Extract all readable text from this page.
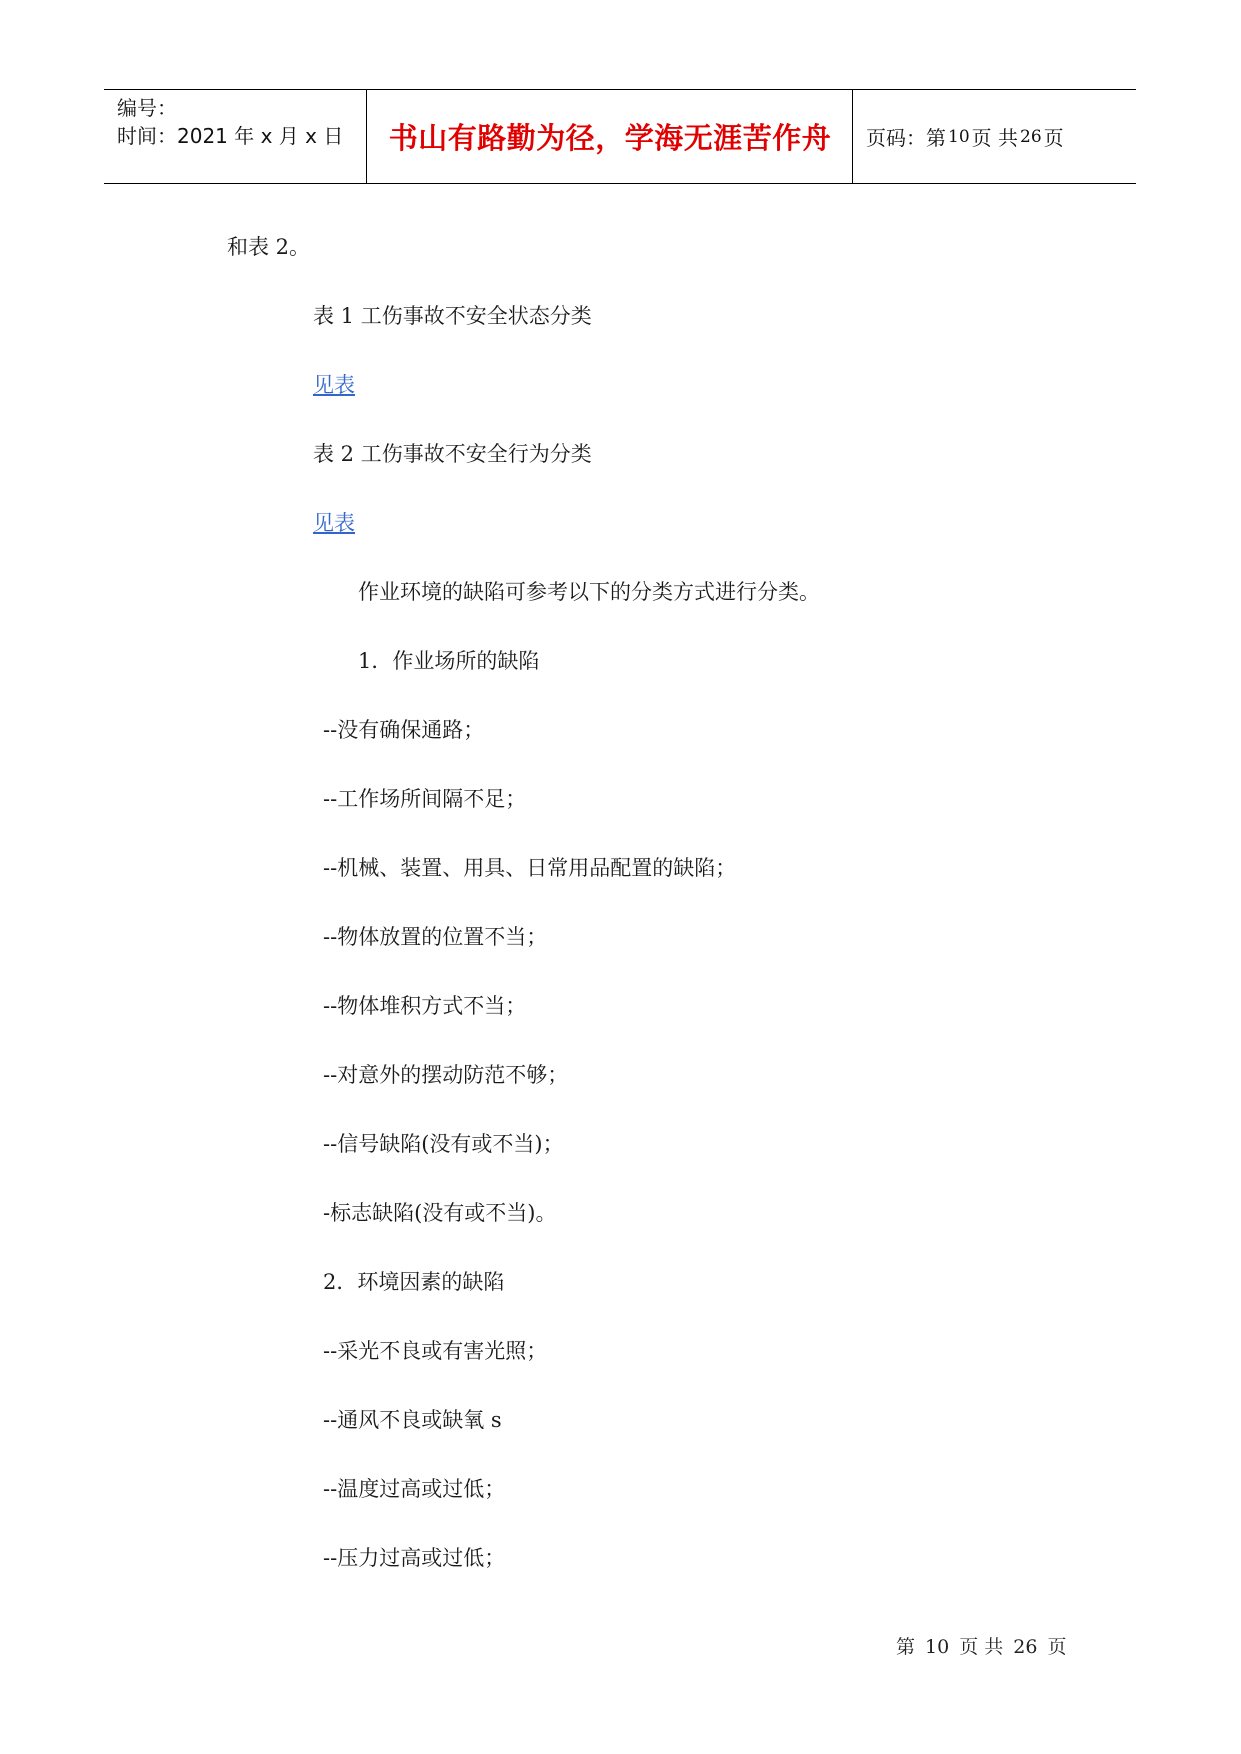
编号：
时间：2021 年 x 月 x 日	书山有路勤为径，学海无涯苦作舟	页码：第 10 页 共 26 页
和表 2。
表 1 工伤事故不安全状态分类
见表
表 2 工伤事故不安全行为分类
见表
作业环境的缺陷可参考以下的分类方式进行分类。
1．作业场所的缺陷
--没有确保通路；
--工作场所间隔不足；
--机械、装置、用具、日常用品配置的缺陷；
--物体放置的位置不当；
--物体堆积方式不当；
--对意外的摆动防范不够；
--信号缺陷(没有或不当)；
-标志缺陷(没有或不当)。
2．环境因素的缺陷
--采光不良或有害光照；
--通风不良或缺氧 s
--温度过高或过低；
--压力过高或过低；
第 10 页 共 26 页
